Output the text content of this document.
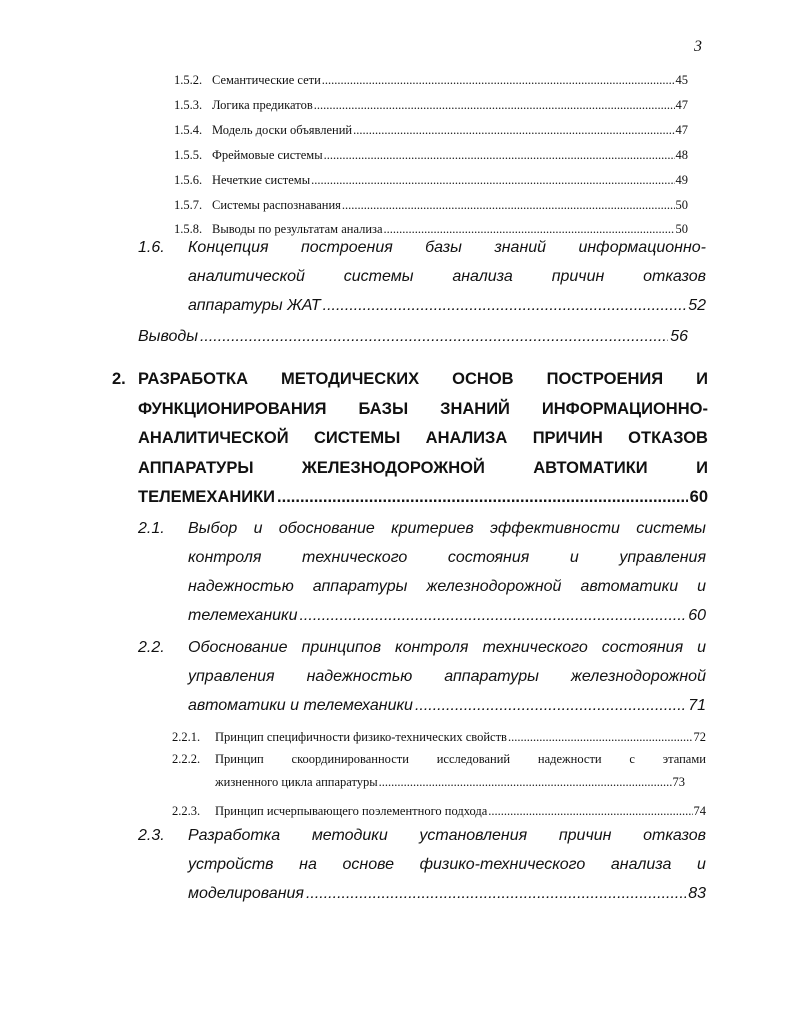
3
1.5.2. Семантические сети .....	45
1.5.3. Логика предикатов .....	47
1.5.4. Модель доски объявлений .....	47
1.5.5. Фреймовые системы .....	48
1.5.6. Нечеткие системы .....	49
1.5.7. Системы распознавания .....	50
1.5.8. Выводы по результатам анализа .....	50
1.6. Концепция построения базы знаний информационно-
аналитической системы анализа причин отказов
аппаратуры ЖАТ .....	52
Выводы .....	56
2. РАЗРАБОТКА МЕТОДИЧЕСКИХ ОСНОВ ПОСТРОЕНИЯ И
ФУНКЦИОНИРОВАНИЯ БАЗЫ ЗНАНИЙ ИНФОРМАЦИОННО-
АНАЛИТИЧЕСКОЙ СИСТЕМЫ АНАЛИЗА ПРИЧИН ОТКАЗОВ
АППАРАТУРЫ	ЖЕЛЕЗНОДОРОЖНОЙ	АВТОМАТИКИ	И
ТЕЛЕМЕХАНИКИ .....	60
2.1. Выбор и обоснование критериев эффективности системы
контроля	технического	состояния	и	управления
надежностью аппаратуры железнодорожной автоматики и
телемеханики .....	60
2.2. Обоснование принципов контроля технического состояния и
управления надежностью аппаратуры железнодорожной
автоматики и телемеханики .....	71
2.2.1.	Принцип специфичности физико-технических свойств .....	72
2.2.2.	Принцип скоординированности исследований надежности с этапами
жизненного цикла аппаратуры .....	73
2.2.3.	Принцип исчерпывающего поэлементного подхода .....	74
2.3. Разработка методики установления причин отказов
устройств на основе физико-технического анализа и
моделирования .....	83
